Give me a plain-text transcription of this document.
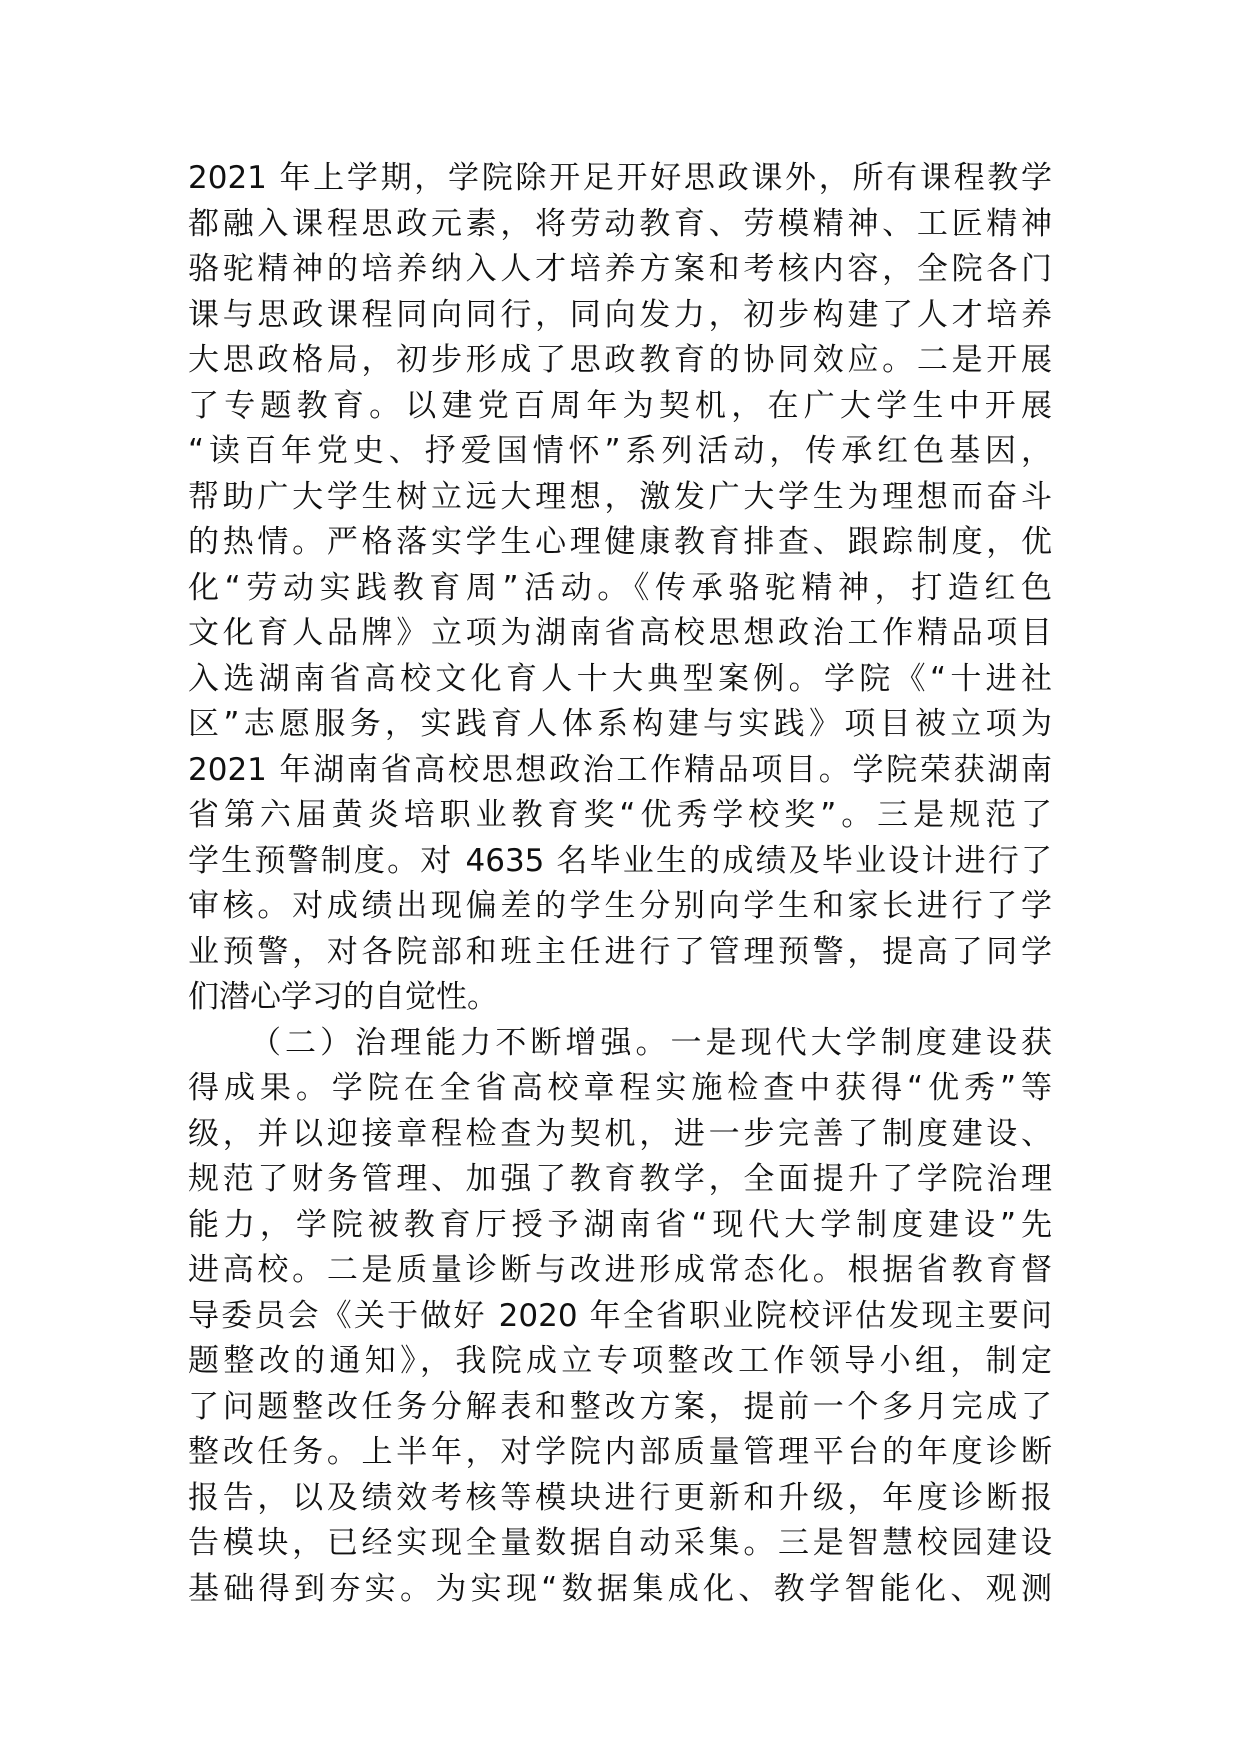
2021 年上学期，学院除开足开好思政课外，所有课程教学
都融入课程思政元素，将劳动教育、劳模精神、工匠精神
骆驼精神的培养纳入人才培养方案和考核内容，全院各门
课与思政课程同向同行，同向发力，初步构建了人才培养
大思政格局，初步形成了思政教育的协同效应。二是开展
了专题教育。以建党百周年为契机，在广大学生中开展
“读百年党史、抒爱国情怀”系列活动，传承红色基因，
帮助广大学生树立远大理想，激发广大学生为理想而奋斗
的热情。严格落实学生心理健康教育排查、跟踪制度，优
化“劳动实践教育周”活动。《传承骆驼精神，打造红色
文化育人品牌》立项为湖南省高校思想政治工作精品项目
入选湖南省高校文化育人十大典型案例。学院《“十进社
区”志愿服务，实践育人体系构建与实践》项目被立项为
2021 年湖南省高校思想政治工作精品项目。学院荣获湖南
省第六届黄炎培职业教育奖“优秀学校奖”。三是规范了
学生预警制度。对 4635 名毕业生的成绩及毕业设计进行了
审核。对成绩出现偏差的学生分别向学生和家长进行了学
业预警，对各院部和班主任进行了管理预警，提高了同学
们潜心学习的自觉性。
（二）治理能力不断增强。一是现代大学制度建设获
得成果。学院在全省高校章程实施检查中获得“优秀”等
级，并以迎接章程检查为契机，进一步完善了制度建设、
规范了财务管理、加强了教育教学，全面提升了学院治理
能力，学院被教育厅授予湖南省“现代大学制度建设”先
进高校。二是质量诊断与改进形成常态化。根据省教育督
导委员会《关于做好 2020 年全省职业院校评估发现主要问
题整改的通知》，我院成立专项整改工作领导小组，制定
了问题整改任务分解表和整改方案，提前一个多月完成了
整改任务。上半年，对学院内部质量管理平台的年度诊断
报告，以及绩效考核等模块进行更新和升级，年度诊断报
告模块，已经实现全量数据自动采集。三是智慧校园建设
基础得到夯实。为实现“数据集成化、教学智能化、观测
